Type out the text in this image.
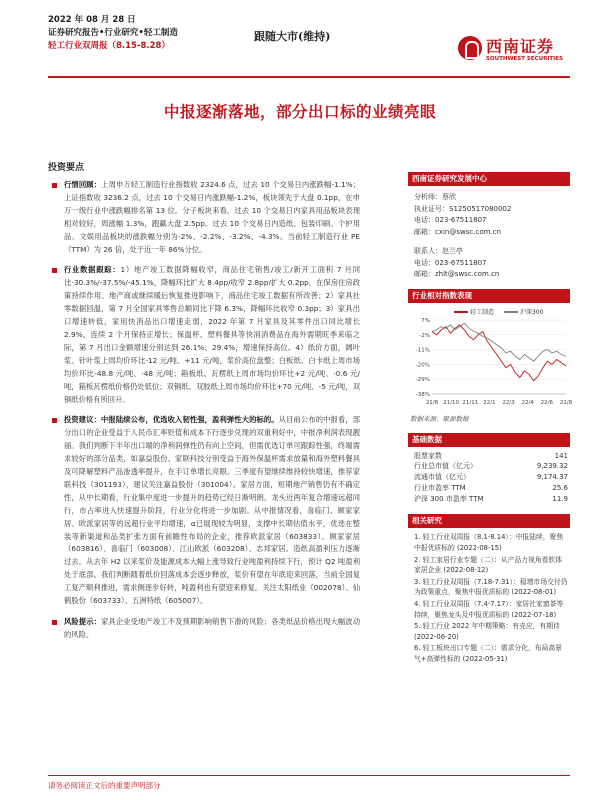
2022 年 08 月 28 日
证券研究报告•行业研究•轻工制造
轻工行业双周报（8.15-8.28）
跟随大市(维持)
西南证券
SOUTHWEST SECURITIES
中报逐渐落地，部分出口标的业绩亮眼
投资要点
行情回顾：上周申万轻工制造行业指数收 2324.6 点，过去 10 个交易日内涨跌幅-1.1%；上证指数收 3236.2 点，过去 10 个交易日内涨跌幅-1.2%，板块领先于大盘 0.1pp，在申万一级行业中涨跌幅排名第 13 位。分子板块来看，过去 10 个交易日内家具用品板块表现相对较好，周涨幅 1.3%，跑赢大盘 2.5pp。过去 10 个交易日内造纸、包装印刷、个护用品、文娱用品板块的涨跌幅分别为-2%、-2.2%、-3.2%、-4.3%。当前轻工制造行业 PE（TTM）为 26 倍，处于近一年 86%分位。
行业数据跟踪：1）地产竣工数据降幅收窄，商品住宅销售/竣工/新开工面积 7 月同比-30.3%/-37.5%/-45.1%，降幅环比扩大 8.4pp/收窄 2.8pp/扩大 0.2pp，在保房住房政策持续作用、地产商或继续暖后恢复推进影响下，商品住宅竣工数据有所改善；2）家具社零数据回温，第 7 月全国家具零售总额同比下降 6.3%，降幅环比收窄 0.3pp；3）家具出口增速转低，家用快消品出口增速走弱，2022 年第 7 月家具及其零件出口同比增长 2.9%，连续 2 个月保持正增长；保温杯、塑料餐具等快消消费品在海外需期旺季来临之际，第 7 月出口金额增速分别达到 26.1%、29.4%，增速保持高位。4）纸价方面，阔叶浆、针叶浆上周均价环比-12 元/吨、+11 元/吨，浆价高位盘整；白板纸、白卡纸上周市场均价环比-48.8 元/吨、-48 元/吨；箱板纸、瓦楞纸上周市场均价环比+2 元/吨、-0.6 元/吨，箱板瓦楞纸价格仍处低位；双铜纸、双胶纸上周市场均价环比+70 元/吨、-5 元/吨，双铜纸价格有所回升。
投资建议：中报陆续公布，优选收入韧性强，盈利弹性大的标的。从目前公布的中报看，部分出口的企业受益于人民币汇率贬值和成本下行逐步兑现的双重利好中，中报净利润表现靓丽。我们判断下半年出口端的净利润弹性仍有向上空间，但需优选订单可跟踪性强，终端需求较好的部分品类，如嘉益股份、家联科技分别受益于海外保温杯需求放量和海外塑料餐具及可降解塑料产品渗透率提升，在手订单增长亮眼。三季度有望继续维持较快增速，推荐家联科技（301193），建议关注嘉益股份（301004）。家居方面，短期地产销售仍有不确定性，从中长期看，行业集中度进一步提升的趋势已经日渐明朗，龙头近两年复合增速远超同行，市占率进入快速提升阶段，行业分化将进一步加剧。从中报情况看，喜临门、顾家家居、欧派家居等的远超行业平均增速，α已展现较为明显，支撑中长期估值水平，优选在整装等新渠道和品类扩张方面有前瞻性布局的企业，推荐欧派家居（603833）、顾家家居（603816）、喜临门（603008）、江山欧派（603208）、志邦家居。造纸高盈利压力逐渐过去，从去年 H2 以来浆价及能源成本大幅上涨导致行业吨盈利持续下行，预计 Q2 吨盈利处于底部。我们判断随着纸价回落成本会逐步释放，浆价有望在年底迎来回落，当前全国复工复产顺利推进，需求侧逐步好转，吨盈利也有望迎来修复。关注太阳纸业（002078）、仙鹤股份（603733）、五洲特纸（605007）。
风险提示：家具企业受地产竣工不及预期影响销售下滑的风险；各类纸品价格出现大幅波动的风险。
西南证券研究发展中心
分析师：蔡欣
执业证号：S1250517080002
电话：023-67511807
邮箱：cxin@swsc.com.cn
联系人：赵兰亭
电话：023-67511807
邮箱：zhlt@swsc.com.cn
行业相对指数表现
轻工制造	沪深300
7%
-2%
-11%
-20%
-29%
-38%
21/8 21/10 21/11 22/1 22/3 22/4 22/6 22/8
数据来源：聚源数据
基础数据
股票家数	141
行业总市值（亿元）	9,239.32
流通市值（亿元）	9,174.37
行业市盈率 TTM	25.6
沪深 300 市盈率 TTM	11.9
相关研究
1. 轻工行业双周报（8.1-8.14）：中报陆续，聚焦中报优质标的 (2022-08-15)
2. 轻工家居行业专题（二）：从产品力视角看软体家居企业 (2022-08-12)
3. 轻工行业双周报（7.18-7.31）：稳增市场交付仍为政策重点，聚焦中报优质标的 (2022-08-01)
4. 轻工行业双周报（7.4-7.17）：家居社家窗茶等持续，聚焦龙头及中报优质标的 (2022-07-18)
5. 轻工行业 2022 年中期策略：有壳应，有期待 (2022-06-20)
6. 轻工板块出口专题（二）：需求分化，布局高景气+高弹性标的 (2022-05-31)
请务必阅读正文后的重要声明部分
